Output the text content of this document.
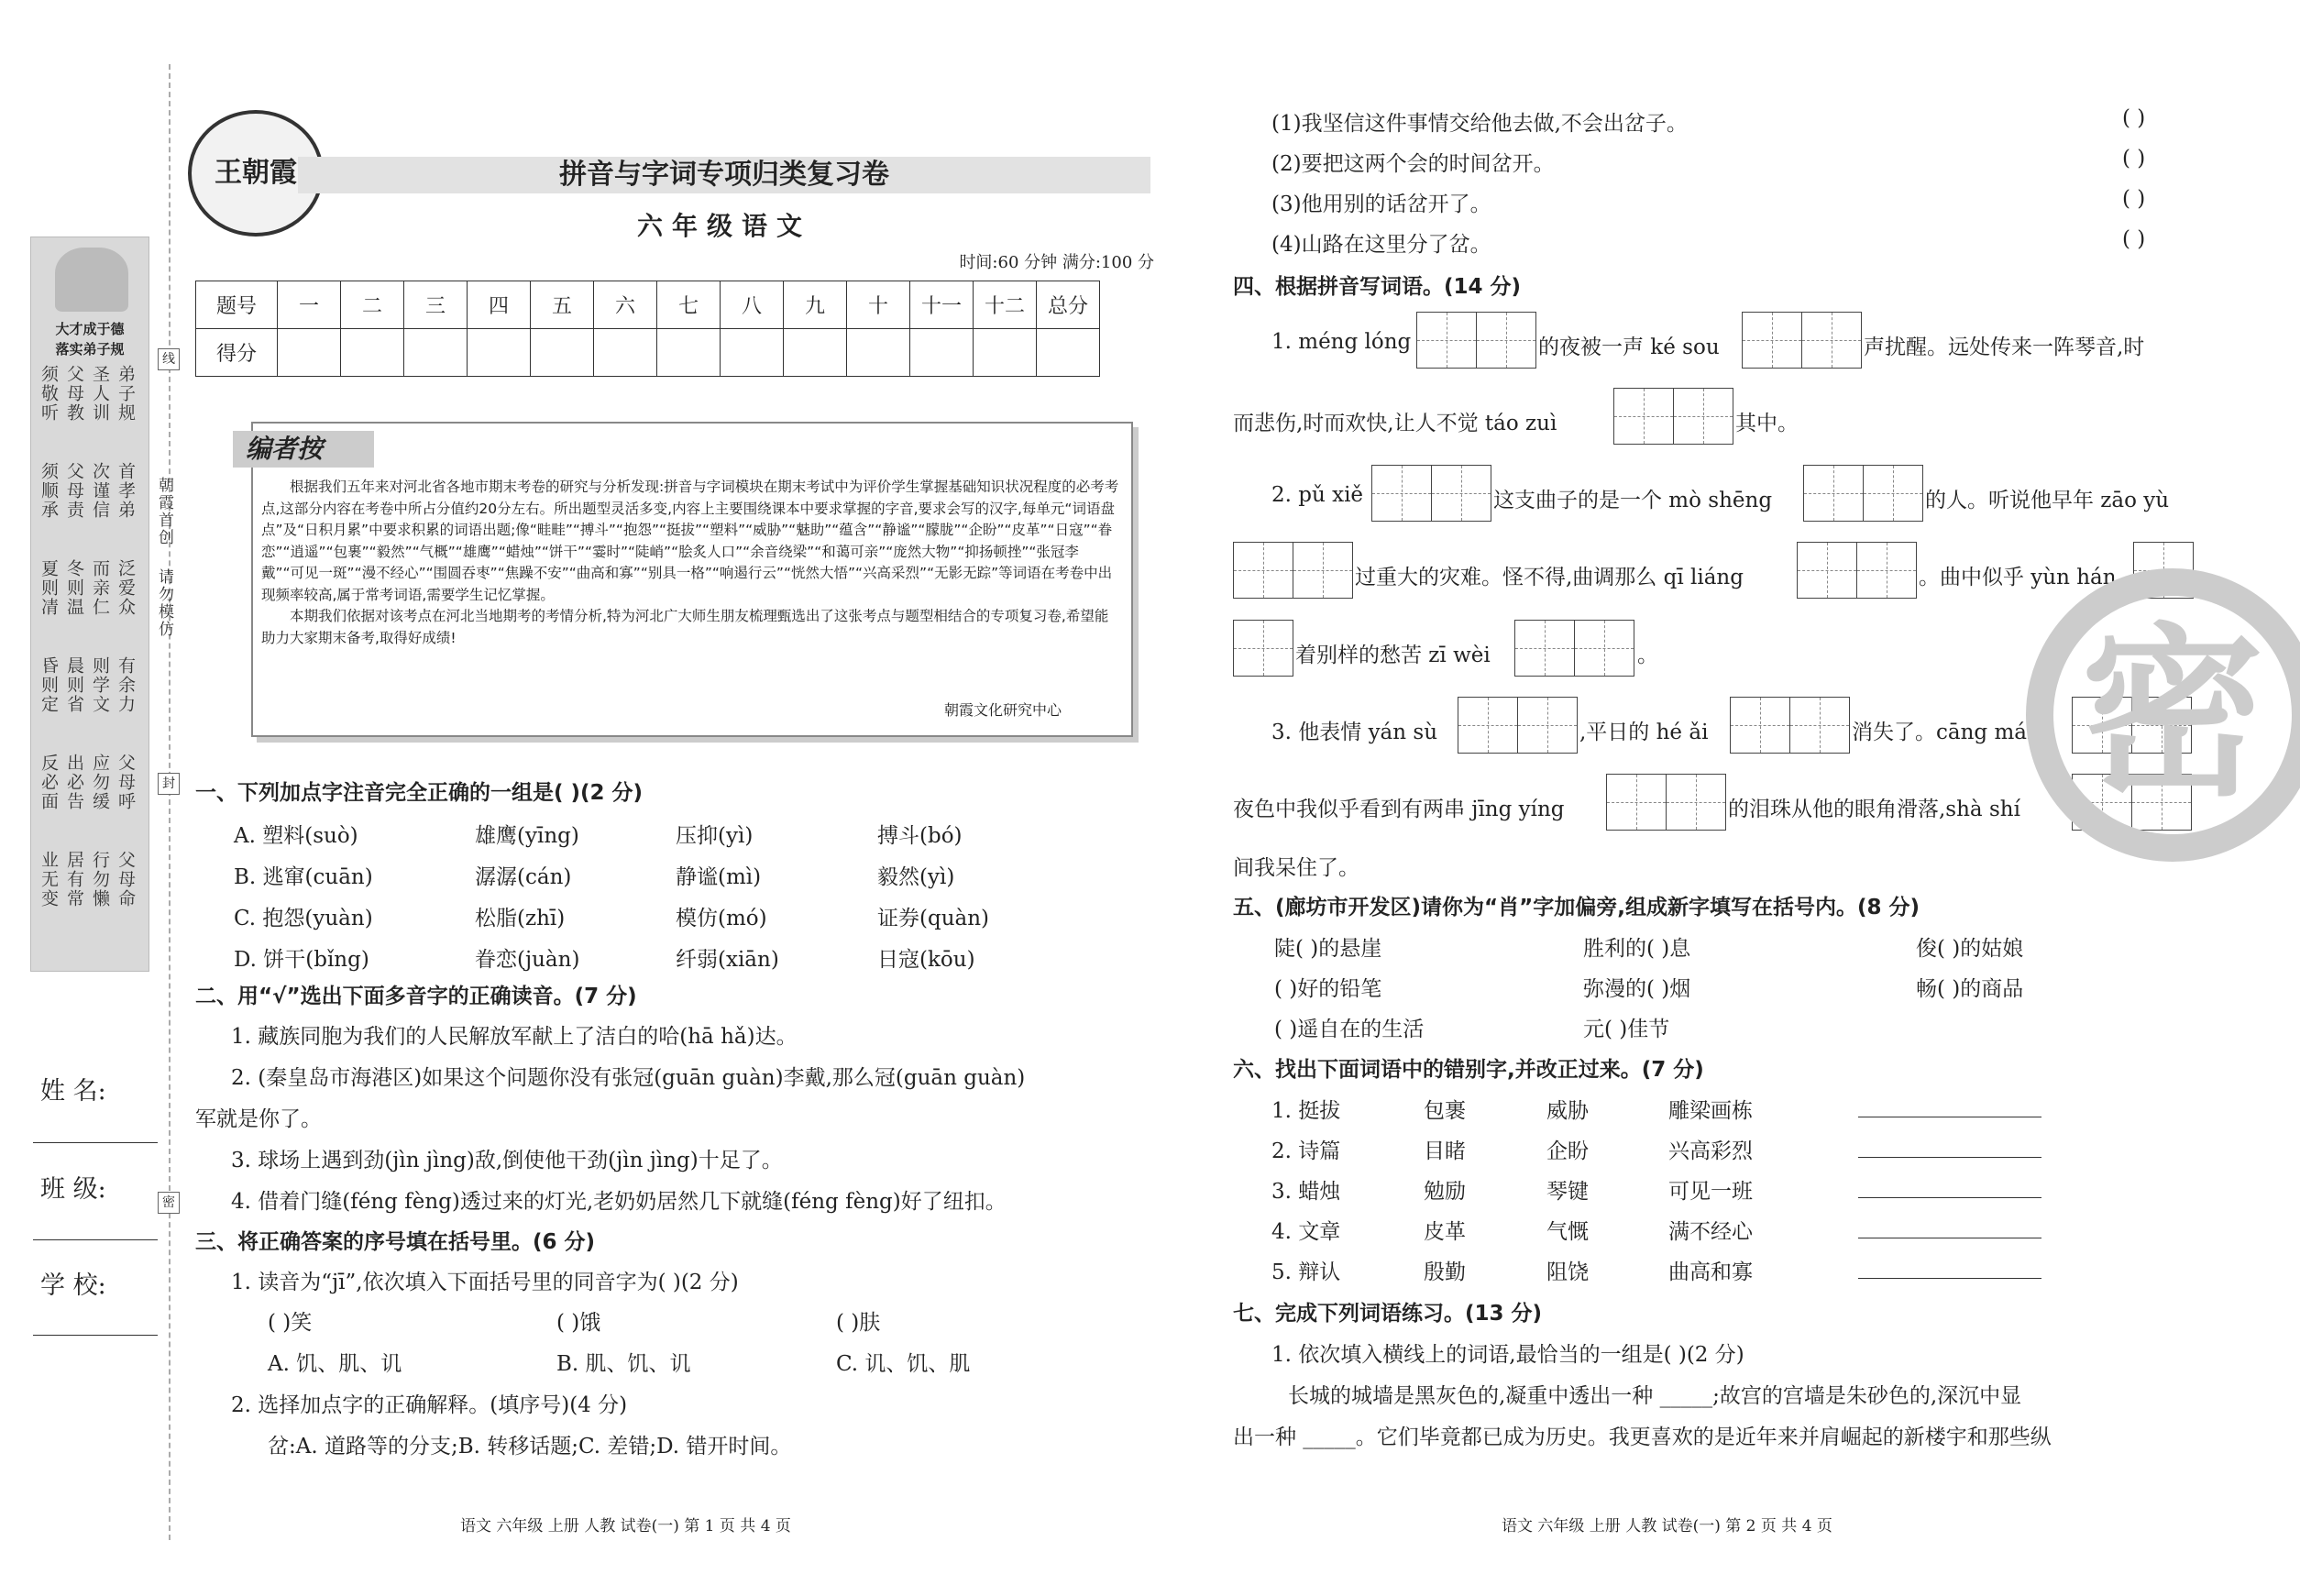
大才成于德
落实弟子规
弟子规
圣人训
父母教
须敬听
首孝弟
次谨信
父母责
须顺承
泛爱众
而亲仁
冬则温
夏则凊
有余力
则学文
晨则省
昏则定
父母呼
应勿缓
出必告
反必面
父母命
行勿懒
居有常
业无变
朝霞首创
请勿模仿
线
封
密
姓 名:
班 级:
学 校:
王朝霞	拼音与字词专项归类复习卷
六年级语文
时间:60 分钟 满分:100 分
题号	一	二	三	四	五	六	七	八	九	十	十一	十二	总分
得分													
编者按
根据我们五年来对河北省各地市期末考卷的研究与分析发现:拼音与字词模块在期末考试中为评价学生掌握基础知识状况程度的必考考点,这部分内容在考卷中所占分值约20分左右。所出题型灵活多变,内容上主要围绕课本中要求掌握的字音,要求会写的汉字,每单元“词语盘点”及“日积月累”中要求积累的词语出题;像“畦畦”“搏斗”“抱怨”“挺拔”“塑料”“威胁”“魅助”“蕴含”“静谧”“朦胧”“企盼”“皮革”“日寇”“眷恋”“逍遥”“包裹”“毅然”“气概”“雄鹰”“蜡烛”“饼干”“霎时”“陡峭”“脍炙人口”“余音绕梁”“和蔼可亲”“庞然大物”“抑扬顿挫”“张冠李戴”“可见一斑”“漫不经心”“围圆吞枣”“焦躁不安”“曲高和寡”“别具一格”“响遏行云”“恍然大悟”“兴高采烈”“无影无踪”等词语在考卷中出现频率较高,属于常考词语,需要学生记忆掌握。
本期我们依据对该考点在河北当地期考的考情分析,特为河北广大师生朋友梳理甄选出了这张考点与题型相结合的专项复习卷,希望能助力大家期末备考,取得好成绩!
朝霞文化研究中心
一、下列加点字注音完全正确的一组是( )(2 分)
A. 塑料(suò)	雄鹰(yīng)	压抑(yì)	搏斗(bó)
B. 逃窜(cuān)	潺潺(cán)	静谧(mì)	毅然(yì)
C. 抱怨(yuàn)	松脂(zhī)	模仿(mó)	证券(quàn)
D. 饼干(bǐng)	眷恋(juàn)	纤弱(xiān)	日寇(kōu)
二、用“√”选出下面多音字的正确读音。(7 分)
1. 藏族同胞为我们的人民解放军献上了洁白的哈(hā hǎ)达。
2. (秦皇岛市海港区)如果这个问题你没有张冠(guān guàn)李戴,那么冠(guān guàn)
军就是你了。
3. 球场上遇到劲(jìn jìng)敌,倒使他干劲(jìn jìng)十足了。
4. 借着门缝(féng fèng)透过来的灯光,老奶奶居然几下就缝(féng fèng)好了纽扣。
三、将正确答案的序号填在括号里。(6 分)
1. 读音为“jī”,依次填入下面括号里的同音字为( )(2 分)
( )笑	( )饿	( )肤
A. 饥、肌、讥	B. 肌、饥、讥	C. 讥、饥、肌
2. 选择加点字的正确解释。(填序号)(4 分)
岔:A. 道路等的分支;B. 转移话题;C. 差错;D. 错开时间。
语文 六年级 上册 人教 试卷(一) 第 1 页 共 4 页
(1)我坚信这件事情交给他去做,不会出岔子。	( )
(2)要把这两个会的时间岔开。	( )
(3)他用别的话岔开了。	( )
(4)山路在这里分了岔。	( )
四、根据拼音写词语。(14 分)
1. méng lóng	的夜被一声 ké sou	声扰醒。远处传来一阵琴音,时
而悲伤,时而欢快,让人不觉 táo zuì	其中。
2. pǔ xiě	这支曲子的是一个 mò shēng	的人。听说他早年 zāo yù
过重大的灾难。怪不得,曲调那么 qī liáng	。曲中似乎 yùn hán
着别样的愁苦 zī wèi	。
3. 他表情 yán sù	,平日的 hé ǎi	消失了。cāng máng
夜色中我似乎看到有两串 jīng yíng	的泪珠从他的眼角滑落,shà shí
间我呆住了。
五、(廊坊市开发区)请你为“肖”字加偏旁,组成新字填写在括号内。(8 分)
陡( )的悬崖	胜利的( )息	俊( )的姑娘
( )好的铅笔	弥漫的( )烟	畅( )的商品
( )遥自在的生活	元( )佳节
六、找出下面词语中的错别字,并改正过来。(7 分)
1. 挺拔	包裹	威胁	雕梁画栋
2. 诗篇	目睹	企盼	兴高彩烈
3. 蜡烛	勉励	琴键	可见一班
4. 文章	皮革	气慨	满不经心
5. 辩认	殷勤	阻饶	曲高和寡
七、完成下列词语练习。(13 分)
1. 依次填入横线上的词语,最恰当的一组是( )(2 分)
长城的城墙是黑灰色的,凝重中透出一种 _____;故宫的宫墙是朱砂色的,深沉中显
出一种 _____。它们毕竟都已成为历史。我更喜欢的是近年来并肩崛起的新楼宇和那些纵
语文 六年级 上册 人教 试卷(一) 第 2 页 共 4 页
密
